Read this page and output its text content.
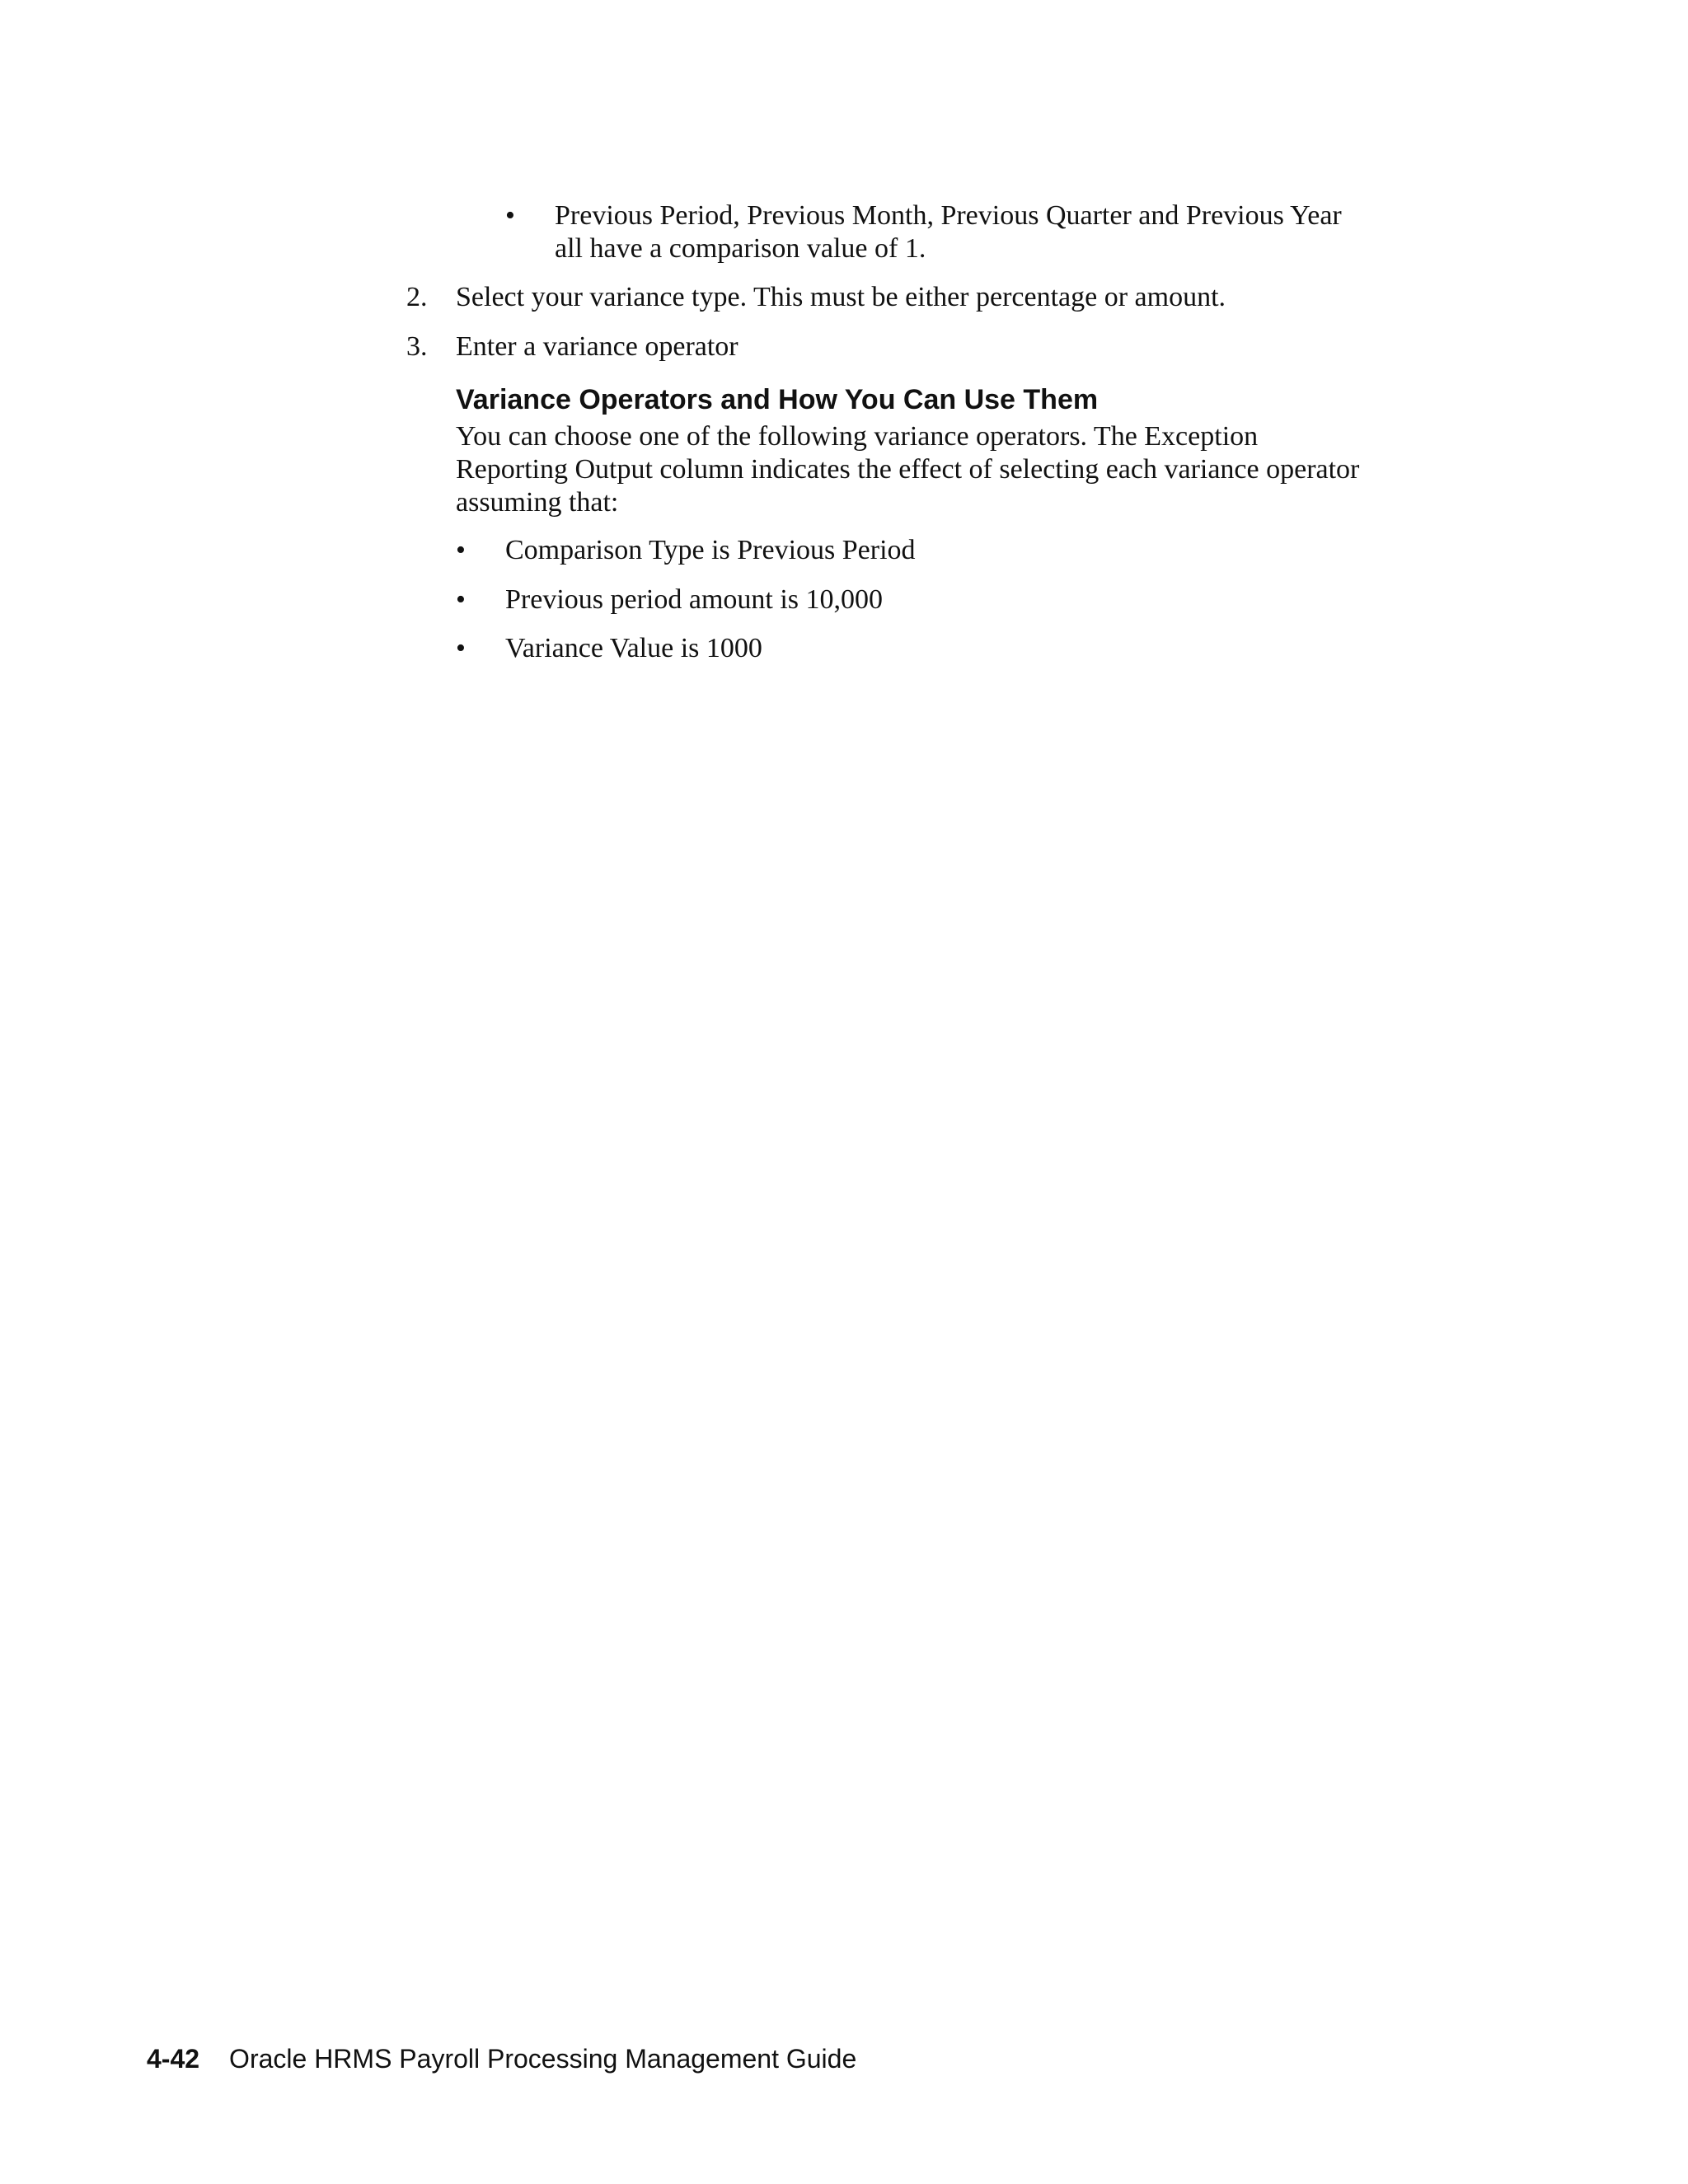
•	Previous Period, Previous Month, Previous Quarter and Previous Year
all have a comparison value of 1.
2.	Select your variance type. This must be either percentage or amount.
3.	Enter a variance operator
Variance Operators and How You Can Use Them
You can choose one of the following variance operators. The Exception
Reporting Output column indicates the effect of selecting each variance operator
assuming that:
•	Comparison Type is Previous Period
•	Previous period amount is 10,000
•	Variance Value is 1000
4-42 Oracle HRMS Payroll Processing Management Guide
